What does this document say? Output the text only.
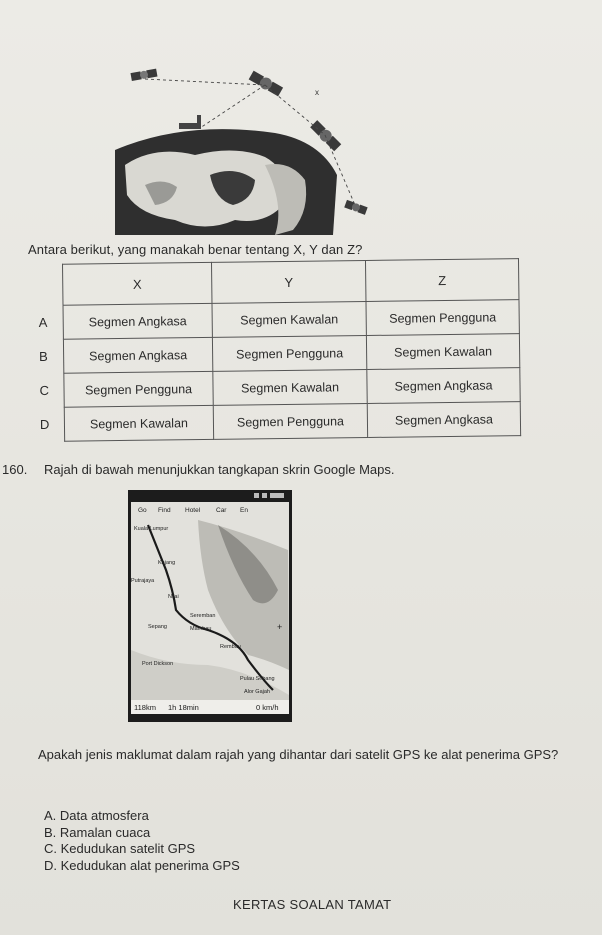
x
Antara berikut, yang manakah benar tentang X, Y dan Z?
	X	Y	Z
A	Segmen Angkasa	Segmen Kawalan	Segmen Pengguna
B	Segmen Angkasa	Segmen Pengguna	Segmen Kawalan
C	Segmen Pengguna	Segmen Kawalan	Segmen Angkasa
D	Segmen Kawalan	Segmen Pengguna	Segmen Angkasa
160. Rajah di bawah menunjukkan tangkapan skrin Google Maps.
Go Find Hotel Car En
Kuala Lumpur
Kajang
Putrajaya
Nilai
Seremban
Sepang	Mambau
Rembau
Port Dickson
Pulau Sebang
Alor Gajah
+
118km 1h 18min	0 km/h
Apakah jenis maklumat dalam rajah yang dihantar dari satelit GPS ke alat penerima GPS?
A. Data atmosfera
B. Ramalan cuaca
C. Kedudukan satelit GPS
D. Kedudukan alat penerima GPS
KERTAS SOALAN TAMAT
